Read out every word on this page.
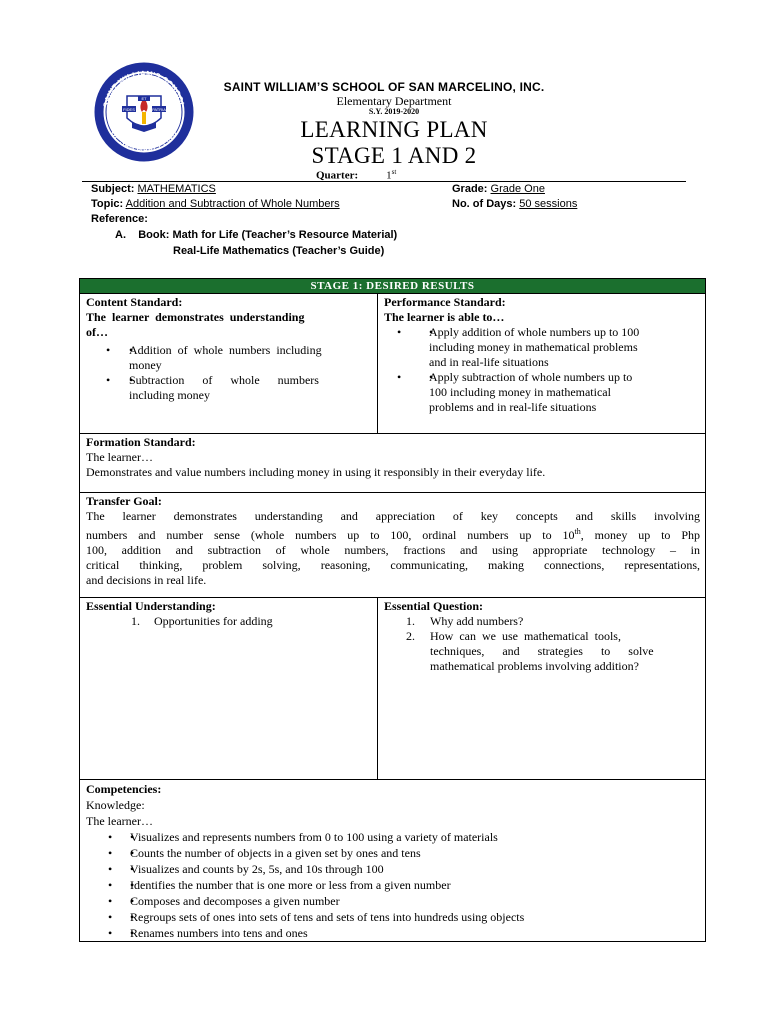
SAINT WILLIAM'S SCHOOL
OF SAN MARCELINO
FIDES	PATRIA
ET
SAINT WILLIAM’S SCHOOL OF SAN MARCELINO, INC.
Elementary Department
S.Y. 2019-2020
LEARNING PLAN
STAGE 1 AND 2
Quarter:	1st
Subject: MATHEMATICS	Grade: Grade One
Topic: Addition and Subtraction of Whole Numbers	No. of Days: 50 sessions
Reference:
A. Book: Math for Life (Teacher’s Resource Material)
Real-Life Mathematics (Teacher’s Guide)
STAGE 1: DESIRED RESULTS
Content Standard:
The  learner  demonstrates  understanding
of…
• • Addition  of  whole  numbers  including
money
• • Subtraction      of      whole      numbers
including money
Performance Standard:
The learner is able to…
• • Apply addition of whole numbers up to 100
including money in mathematical problems
and in real-life situations
• • Apply subtraction of whole numbers up to
100 including money in mathematical
problems and in real-life situations
Formation Standard:
The learner…
Demonstrates and value numbers including money in using it responsibly in their everyday life.
Transfer Goal:
The learner demonstrates understanding and appreciation of key concepts and skills involving
numbers and number sense (whole numbers up to 100, ordinal numbers up to 10th, money up to Php
100, addition and subtraction of whole numbers, fractions and using appropriate technology – in
critical thinking, problem solving, reasoning, communicating, making connections, representations,
and decisions in real life.
Essential Understanding:
1. Opportunities for adding
Essential Question:
1. Why add numbers?
2. How  can  we  use  mathematical  tools,
techniques,      and      strategies      to      solve
mathematical problems involving addition?
Competencies:
Knowledge:
The learner…
• • Visualizes and represents numbers from 0 to 100 using a variety of materials
• • Counts the number of objects in a given set by ones and tens
• • Visualizes and counts by 2s, 5s, and 10s through 100
• • Identifies the number that is one more or less from a given number
• • Composes and decomposes a given number
• • Regroups sets of ones into sets of tens and sets of tens into hundreds using objects
• • Renames numbers into tens and ones
